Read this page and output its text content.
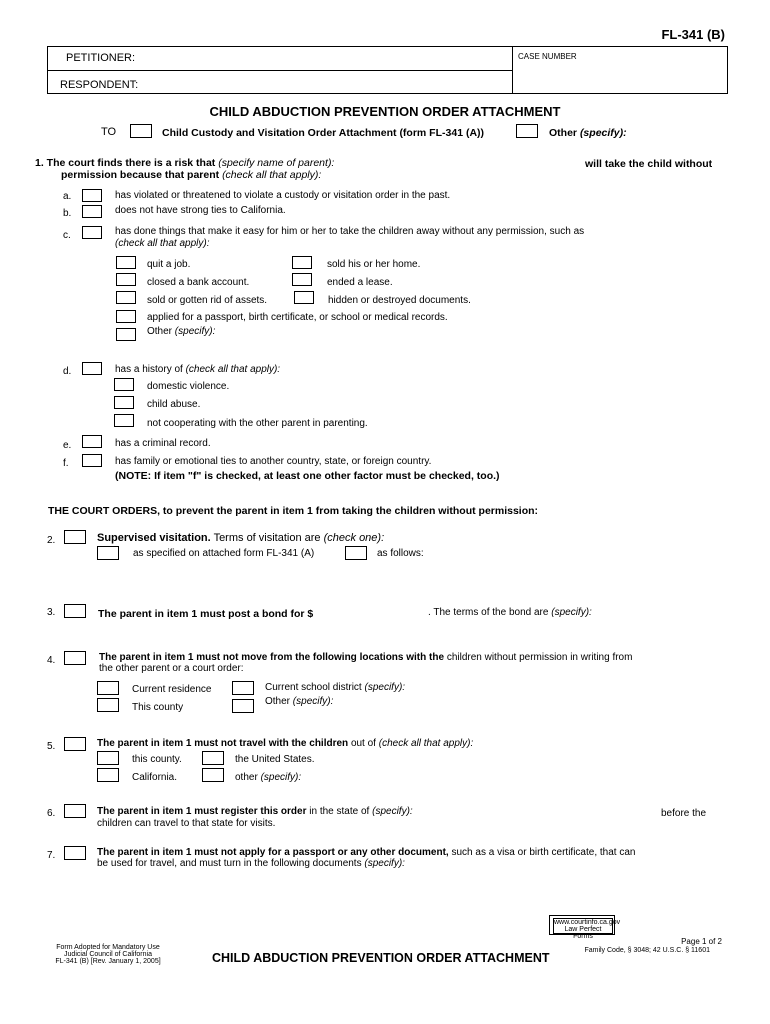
FL-341 (B)
PETITIONER:
RESPONDENT:
CASE NUMBER
CHILD ABDUCTION PREVENTION ORDER ATTACHMENT
TO	Child Custody and Visitation Order Attachment (form FL-341 (A))	Other (specify):
1. The court finds there is a risk that (specify name of parent):	will take the child without
permission because that parent (check all that apply):
a.	has violated or threatened to violate a custody or visitation order in the past.
b.	does not have strong ties to California.
c.	has done things that make it easy for him or her to take the children away without any permission, such as
(check all that apply):
quit a job.	sold his or her home.
closed a bank account.	ended a lease.
sold or gotten rid of assets.	hidden or destroyed documents.
applied for a passport, birth certificate, or school or medical records.
Other (specify):
d.	has a history of (check all that apply):
domestic violence.
child abuse.
not cooperating with the other parent in parenting.
e.	has a criminal record.
f.	has family or emotional ties to another country, state, or foreign country.
(NOTE: If item "f" is checked, at least one other factor must be checked, too.)
THE COURT ORDERS, to prevent the parent in item 1 from taking the children without permission:
2.	Supervised visitation. Terms of visitation are (check one):
as specified on attached form FL-341 (A)	as follows:
3.	The parent in item 1 must post a bond for $	. The terms of the bond are (specify):
4.	The parent in item 1 must not move from the following locations with the children without permission in writing from
the other parent or a court order:
Current residence	Current school district (specify):
This county
Other (specify):
5.	The parent in item 1 must not travel with the children out of (check all that apply):
this county.	the United States.
California.	other (specify):
6.	The parent in item 1 must register this order in the state of (specify):	before the
children can travel to that state for visits.
7.	The parent in item 1 must not apply for a passport or any other document, such as a visa or birth certificate, that can
be used for travel, and must turn in the following documents (specify):
www.courtinfo.ca.gov
Law Perfect Forms
Form Adopted for Mandatory Use
Judicial Council of California
FL-341 (B) [Rev. January 1, 2005]	CHILD ABDUCTION PREVENTION ORDER ATTACHMENT
Page 1 of 2
Family Code, § 3048; 42 U.S.C. § 11601
